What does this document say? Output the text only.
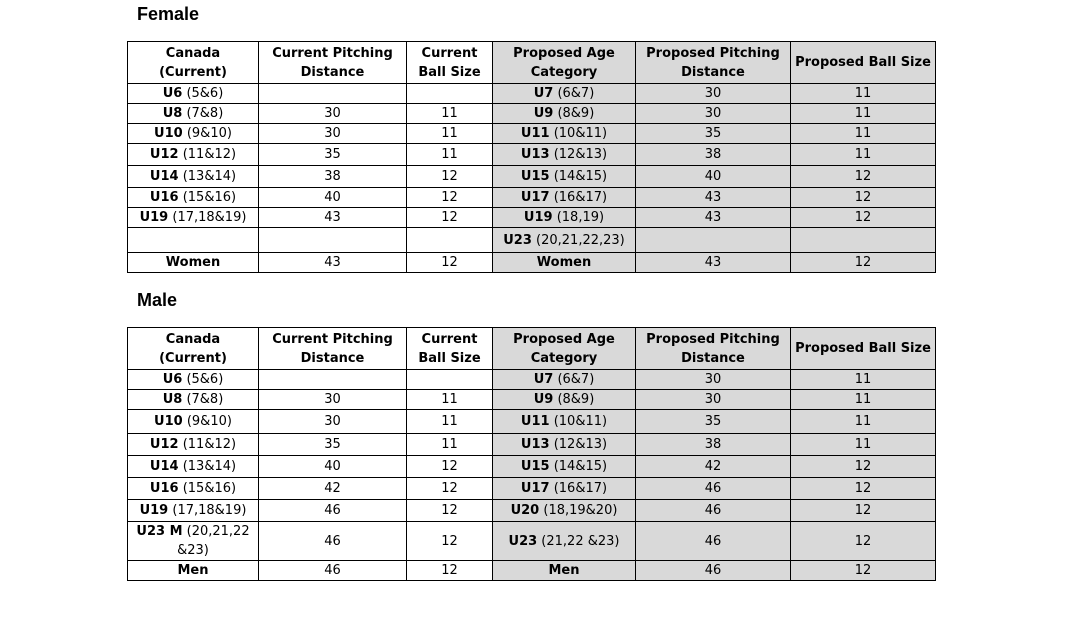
Female
Canada (Current)	Current Pitching Distance	Current Ball Size	Proposed Age Category	Proposed Pitching Distance	Proposed Ball Size
U6 (5&6)			U7 (6&7)	30	11
U8 (7&8)	30	11	U9 (8&9)	30	11
U10 (9&10)	30	11	U11 (10&11)	35	11
U12 (11&12)	35	11	U13 (12&13)	38	11
U14 (13&14)	38	12	U15 (14&15)	40	12
U16 (15&16)	40	12	U17 (16&17)	43	12
U19 (17,18&19)	43	12	U19 (18,19)	43	12
			U23 (20,21,22,23)		
Women	43	12	Women	43	12
Male
Canada (Current)	Current Pitching Distance	Current Ball Size	Proposed Age Category	Proposed Pitching Distance	Proposed Ball Size
U6 (5&6)			U7 (6&7)	30	11
U8 (7&8)	30	11	U9 (8&9)	30	11
U10 (9&10)	30	11	U11 (10&11)	35	11
U12 (11&12)	35	11	U13 (12&13)	38	11
U14 (13&14)	40	12	U15 (14&15)	42	12
U16 (15&16)	42	12	U17 (16&17)	46	12
U19 (17,18&19)	46	12	U20 (18,19&20)	46	12
U23 M (20,21,22 &23)	46	12	U23 (21,22 &23)	46	12
Men	46	12	Men	46	12
